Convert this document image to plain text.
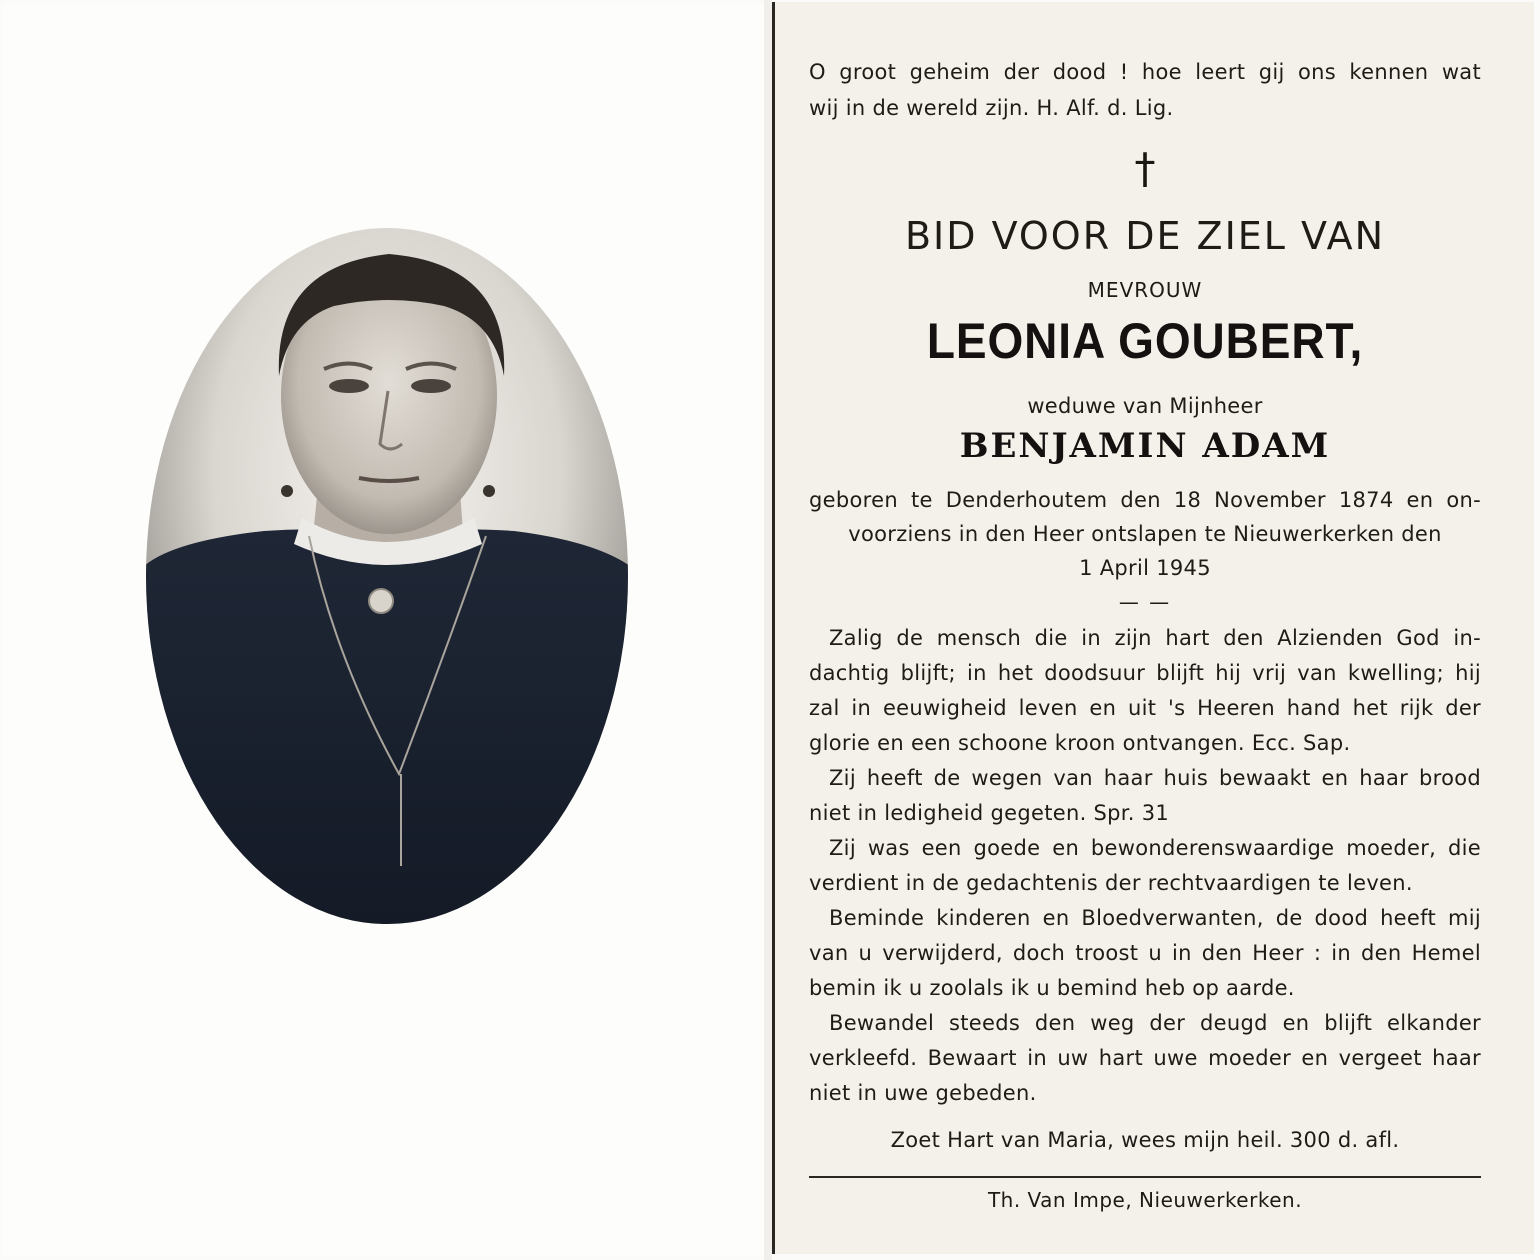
O groot geheim der dood ! hoe leert gij ons kennen wat
wij in de wereld zijn. H. Alf. d. Lig.
†
BID VOOR DE ZIEL VAN
MEVROUW
LEONIA GOUBERT,
weduwe van Mijnheer
BENJAMIN ADAM
geboren te Denderhoutem den 18 November 1874 en on-
voorziens in den Heer ontslapen te Nieuwerkerken den
1 April 1945
— —
Zalig de mensch die in zijn hart den Alzienden God in-
dachtig blijft; in het doodsuur blijft hij vrij van kwelling; hij
zal in eeuwigheid leven en uit 's Heeren hand het rijk der
glorie en een schoone kroon ontvangen. Ecc. Sap.
Zij heeft de wegen van haar huis bewaakt en haar brood
niet in ledigheid gegeten. Spr. 31
Zij was een goede en bewonderenswaardige moeder, die
verdient in de gedachtenis der rechtvaardigen te leven.
Beminde kinderen en Bloedverwanten, de dood heeft mij
van u verwijderd, doch troost u in den Heer : in den Hemel
bemin ik u zoolals ik u bemind heb op aarde.
Bewandel steeds den weg der deugd en blijft elkander
verkleefd. Bewaart in uw hart uwe moeder en vergeet haar
niet in uwe gebeden.
Zoet Hart van Maria, wees mijn heil. 300 d. afl.
Th. Van Impe, Nieuwerkerken.
